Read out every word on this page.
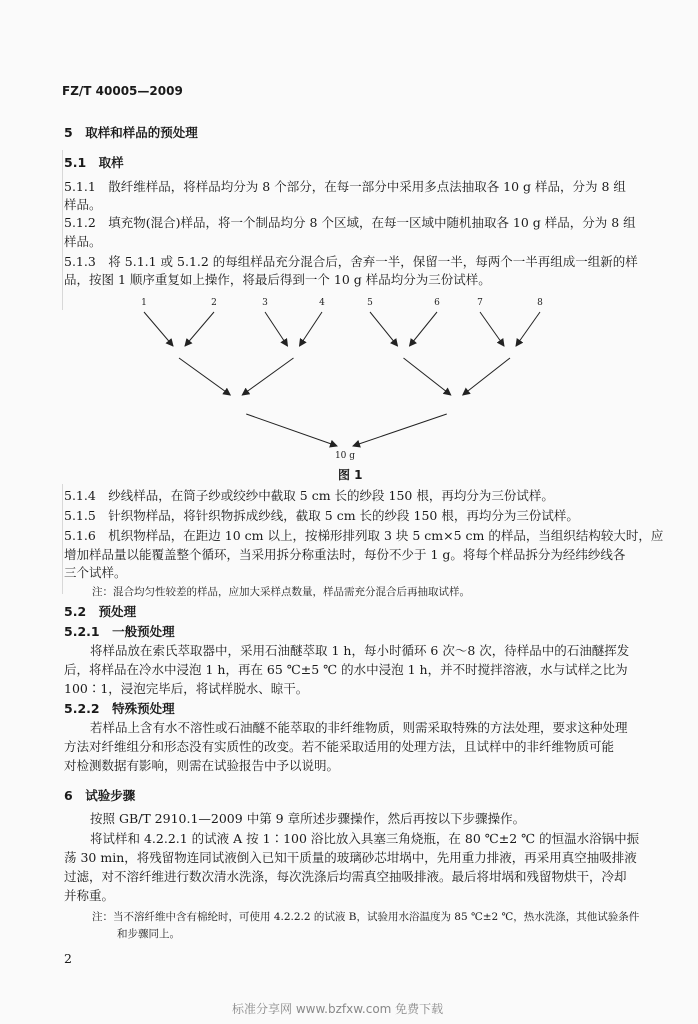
FZ/T 40005—2009
5　取样和样品的预处理
5.1　取样
5.1.1　散纤维样品，将样品均分为 8 个部分，在每一部分中采用多点法抽取各 10 g 样品，分为 8 组
样品。
5.1.2　填充物(混合)样品，将一个制品均分 8 个区域，在每一区域中随机抽取各 10 g 样品，分为 8 组
样品。
5.1.3　将 5.1.1 或 5.1.2 的每组样品充分混合后，舍弃一半，保留一半，每两个一半再组成一组新的样
品，按图 1 顺序重复如上操作，将最后得到一个 10 g 样品均分为三份试样。
1	2	3	4	5	6	7	8
10 g
图 1
5.1.4　纱线样品，在筒子纱或绞纱中截取 5 cm 长的纱段 150 根，再均分为三份试样。
5.1.5　针织物样品，将针织物拆成纱线，截取 5 cm 长的纱段 150 根，再均分为三份试样。
5.1.6　机织物样品，在距边 10 cm 以上，按梯形排列取 3 块 5 cm×5 cm 的样品，当组织结构较大时，应
增加样品量以能覆盖整个循环，当采用拆分称重法时，每份不少于 1 g。将每个样品拆分为经纬纱线各
三个试样。
注：混合均匀性较差的样品，应加大采样点数量，样品需充分混合后再抽取试样。
5.2　预处理
5.2.1　一般预处理
将样品放在索氏萃取器中，采用石油醚萃取 1 h，每小时循环 6 次～8 次，待样品中的石油醚挥发
后，将样品在冷水中浸泡 1 h，再在 65 ℃±5 ℃ 的水中浸泡 1 h，并不时搅拌溶液，水与试样之比为
100∶1，浸泡完毕后，将试样脱水、晾干。
5.2.2　特殊预处理
若样品上含有水不溶性或石油醚不能萃取的非纤维物质，则需采取特殊的方法处理，要求这种处理
方法对纤维组分和形态没有实质性的改变。若不能采取适用的处理方法，且试样中的非纤维物质可能
对检测数据有影响，则需在试验报告中予以说明。
6　试验步骤
按照 GB/T 2910.1—2009 中第 9 章所述步骤操作，然后再按以下步骤操作。
将试样和 4.2.2.1 的试液 A 按 1∶100 浴比放入具塞三角烧瓶，在 80 ℃±2 ℃ 的恒温水浴锅中振
荡 30 min，将残留物连同试液倒入已知干质量的玻璃砂芯坩埚中，先用重力排液，再采用真空抽吸排液
过滤，对不溶纤维进行数次清水洗涤，每次洗涤后均需真空抽吸排液。最后将坩埚和残留物烘干，冷却
并称重。
注：当不溶纤维中含有棉纶时，可使用 4.2.2.2 的试液 B，试验用水浴温度为 85 ℃±2 ℃，热水洗涤，其他试验条件
和步骤同上。
2
标准分享网 www.bzfxw.com 免费下载
